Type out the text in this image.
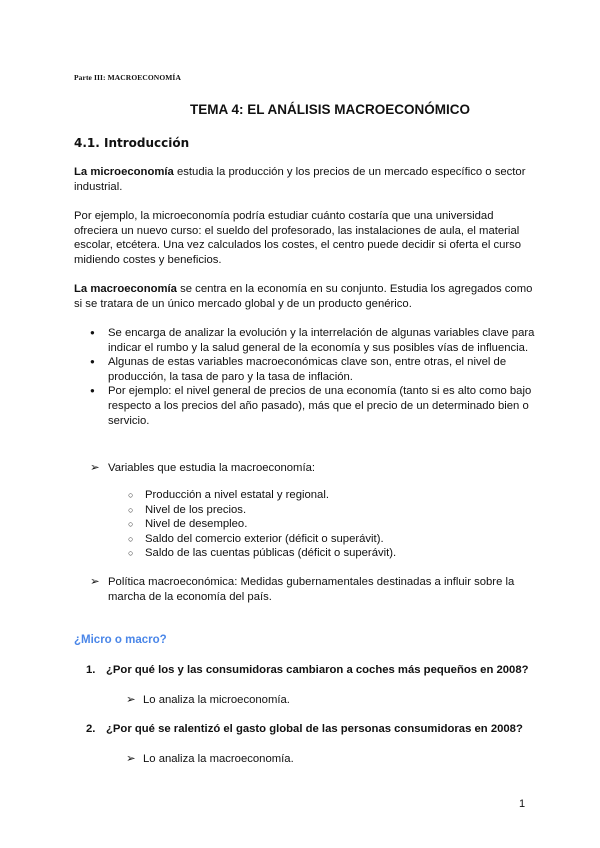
Parte III: MACROECONOMÍA
TEMA 4: EL ANÁLISIS MACROECONÓMICO
4.1. Introducción
La microeconomía estudia la producción y los precios de un mercado específico o sector industrial.
Por ejemplo, la microeconomía podría estudiar cuánto costaría que una universidad ofreciera un nuevo curso: el sueldo del profesorado, las instalaciones de aula, el material escolar, etcétera. Una vez calculados los costes, el centro puede decidir si oferta el curso midiendo costes y beneficios.
La macroeconomía se centra en la economía en su conjunto. Estudia los agregados como si se tratara de un único mercado global y de un producto genérico.
● Se encarga de analizar la evolución y la interrelación de algunas variables clave para indicar el rumbo y la salud general de la economía y sus posibles vías de influencia.
● Algunas de estas variables macroeconómicas clave son, entre otras, el nivel de producción, la tasa de paro y la tasa de inflación.
● Por ejemplo: el nivel general de precios de una economía (tanto si es alto como bajo respecto a los precios del año pasado), más que el precio de un determinado bien o servicio.
➢ Variables que estudia la macroeconomía:
○ Producción a nivel estatal y regional.
○ Nivel de los precios.
○ Nivel de desempleo.
○ Saldo del comercio exterior (déficit o superávit).
○ Saldo de las cuentas públicas (déficit o superávit).
➢ Política macroeconómica: Medidas gubernamentales destinadas a influir sobre la marcha de la economía del país.
¿Micro o macro?
1. ¿Por qué los y las consumidoras cambiaron a coches más pequeños en 2008?
➢ Lo analiza la microeconomía.
2. ¿Por qué se ralentizó el gasto global de las personas consumidoras en 2008?
➢ Lo analiza la macroeconomía.
1
